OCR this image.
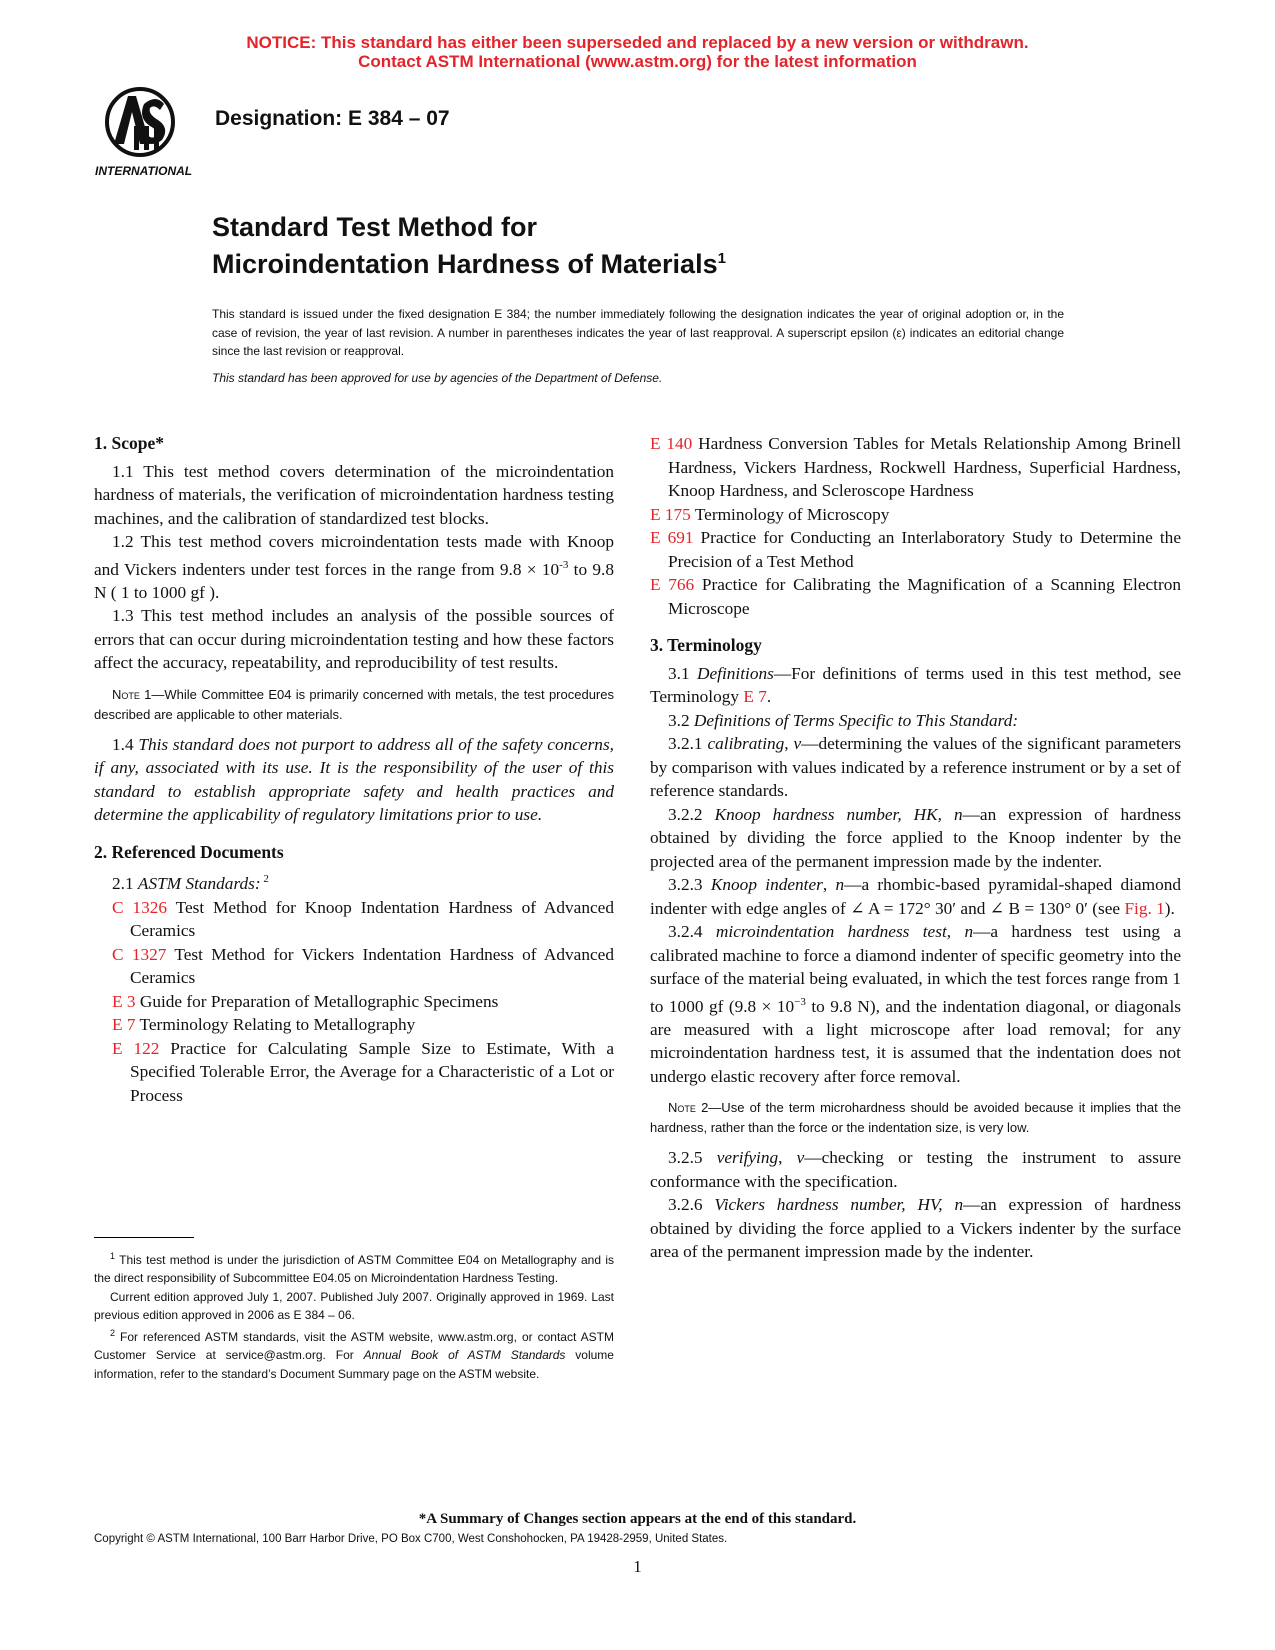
NOTICE: This standard has either been superseded and replaced by a new version or withdrawn.
Contact ASTM International (www.astm.org) for the latest information
INTERNATIONAL
Designation: E 384 – 07
Standard Test Method for
Microindentation Hardness of Materials$^1$
This standard is issued under the fixed designation E 384; the number immediately following the designation indicates the year of original adoption or, in the case of revision, the year of last revision. A number in parentheses indicates the year of last reapproval. A superscript epsilon (ε) indicates an editorial change since the last revision or reapproval.
This standard has been approved for use by agencies of the Department of Defense.
1. Scope*

1.1 This test method covers determination of the microindentation hardness of materials, the verification of microindentation hardness testing machines, and the calibration of standardized test blocks.

1.2 This test method covers microindentation tests made with Knoop and Vickers indenters under test forces in the range from $9.8 \times 10^{-3}$ to 9.8 N ( 1 to 1000 gf ).

1.3 This test method includes an analysis of the possible sources of errors that can occur during microindentation testing and how these factors affect the accuracy, repeatability, and reproducibility of test results.

Note 1—While Committee E04 is primarily concerned with metals, the test procedures described are applicable to other materials.

1.4 This standard does not purport to address all of the safety concerns, if any, associated with its use. It is the responsibility of the user of this standard to establish appropriate safety and health practices and determine the applicability of regulatory limitations prior to use.

2. Referenced Documents

2.1 ASTM Standards: $^2$

C 1326 Test Method for Knoop Indentation Hardness of Advanced Ceramics

C 1327 Test Method for Vickers Indentation Hardness of Advanced Ceramics

E 3 Guide for Preparation of Metallographic Specimens

E 7 Terminology Relating to Metallography

E 122 Practice for Calculating Sample Size to Estimate, With a Specified Tolerable Error, the Average for a Characteristic of a Lot or Process

E 140 Hardness Conversion Tables for Metals Relationship Among Brinell Hardness, Vickers Hardness, Rockwell Hardness, Superficial Hardness, Knoop Hardness, and Scleroscope Hardness

E 175 Terminology of Microscopy

E 691 Practice for Conducting an Interlaboratory Study to Determine the Precision of a Test Method

E 766 Practice for Calibrating the Magnification of a Scanning Electron Microscope

3. Terminology

3.1 Definitions—For definitions of terms used in this test method, see Terminology E 7.

3.2 Definitions of Terms Specific to This Standard:

3.2.1 calibrating, v—determining the values of the significant parameters by comparison with values indicated by a reference instrument or by a set of reference standards.

3.2.2 Knoop hardness number, HK, n—an expression of hardness obtained by dividing the force applied to the Knoop indenter by the projected area of the permanent impression made by the indenter.

3.2.3 Knoop indenter, n—a rhombic-based pyramidal-shaped diamond indenter with edge angles of ∠ A = 172° 30′ and ∠ B = 130° 0′ (see Fig. 1).

3.2.4 microindentation hardness test, n—a hardness test using a calibrated machine to force a diamond indenter of specific geometry into the surface of the material being evaluated, in which the test forces range from 1 to 1000 gf ($9.8 \times 10^{-3}$ to 9.8 N), and the indentation diagonal, or diagonals are measured with a light microscope after load removal; for any microindentation hardness test, it is assumed that the indentation does not undergo elastic recovery after force removal.

Note 2—Use of the term microhardness should be avoided because it implies that the hardness, rather than the force or the indentation size, is very low.

3.2.5 verifying, v—checking or testing the instrument to assure conformance with the specification.

3.2.6 Vickers hardness number, HV, n—an expression of hardness obtained by dividing the force applied to a Vickers indenter by the surface area of the permanent impression made by the indenter.

$^1$ This test method is under the jurisdiction of ASTM Committee E04 on Metallography and is the direct responsibility of Subcommittee E04.05 on Microindentation Hardness Testing.

Current edition approved July 1, 2007. Published July 2007. Originally approved in 1969. Last previous edition approved in 2006 as E 384 – 06.

$^2$ For referenced ASTM standards, visit the ASTM website, www.astm.org, or contact ASTM Customer Service at service@astm.org. For Annual Book of ASTM Standards volume information, refer to the standard’s Document Summary page on the ASTM website.

*A Summary of Changes section appears at the end of this standard.
Copyright © ASTM International, 100 Barr Harbor Drive, PO Box C700, West Conshohocken, PA 19428-2959, United States.
1
